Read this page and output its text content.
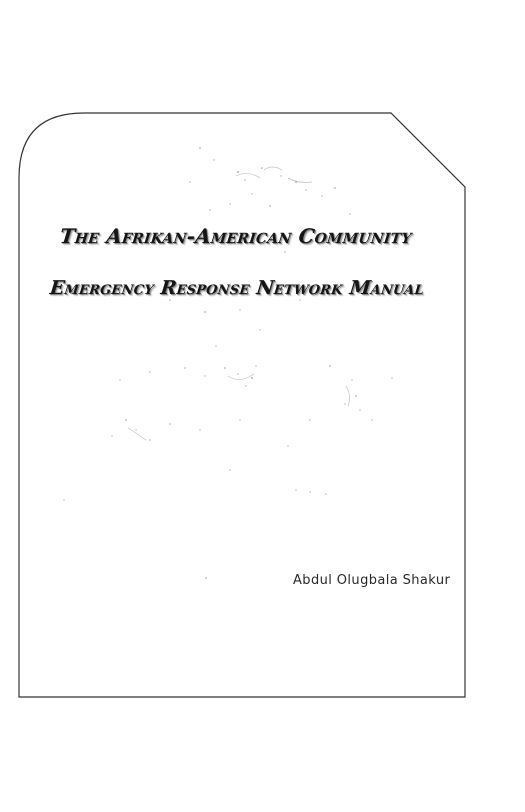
The Afrikan-American Community
Emergency Response Network Manual

Abdul Olugbala Shakur
